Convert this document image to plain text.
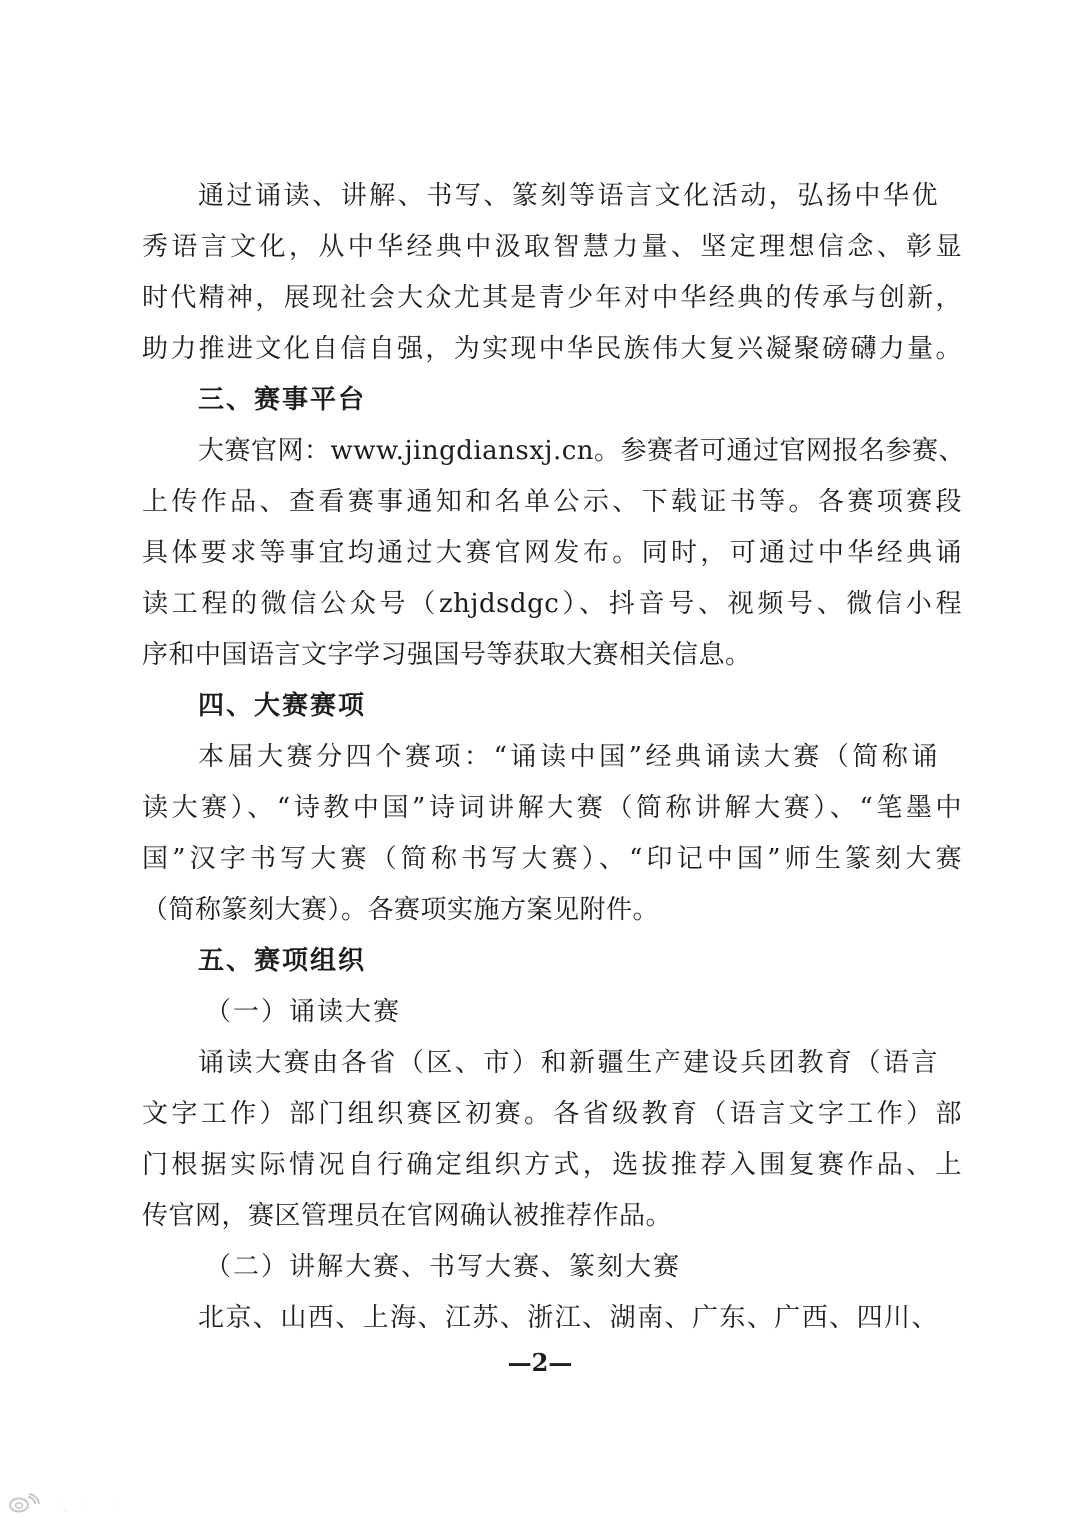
通过诵读、讲解、书写、篆刻等语言文化活动，弘扬中华优
秀语言文化，从中华经典中汲取智慧力量、坚定理想信念、彰显
时代精神，展现社会大众尤其是青少年对中华经典的传承与创新，
助力推进文化自信自强，为实现中华民族伟大复兴凝聚磅礴力量。
三、赛事平台
大赛官网：www.jingdiansxj.cn。参赛者可通过官网报名参赛、
上传作品、查看赛事通知和名单公示、下载证书等。各赛项赛段
具体要求等事宜均通过大赛官网发布。同时，可通过中华经典诵
读工程的微信公众号（zhjdsdgc）、抖音号、视频号、微信小程
序和中国语言文字学习强国号等获取大赛相关信息。
四、大赛赛项
本届大赛分四个赛项：“诵读中国”经典诵读大赛（简称诵
读大赛）、“诗教中国”诗词讲解大赛（简称讲解大赛）、“笔墨中
国”汉字书写大赛（简称书写大赛）、“印记中国”师生篆刻大赛
（简称篆刻大赛）。各赛项实施方案见附件。
五、赛项组织
（一）诵读大赛
诵读大赛由各省（区、市）和新疆生产建设兵团教育（语言
文字工作）部门组织赛区初赛。各省级教育（语言文字工作）部
门根据实际情况自行确定组织方式，选拔推荐入围复赛作品、上
传官网，赛区管理员在官网确认被推荐作品。
（二）讲解大赛、书写大赛、篆刻大赛
北京、山西、上海、江苏、浙江、湖南、广东、广西、四川、
—2—
大数跨境
